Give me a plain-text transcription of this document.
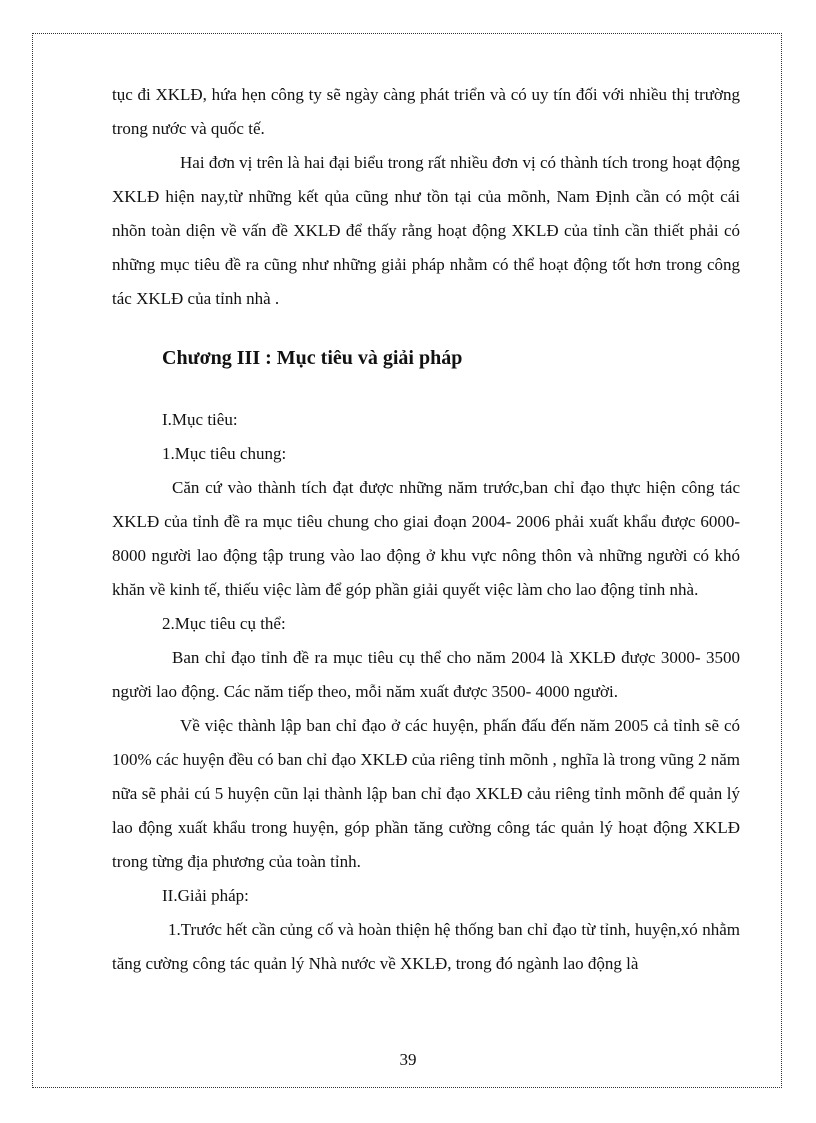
tục đi XKLĐ, hứa hẹn công ty sẽ ngày càng phát triển và có uy tín đối với nhiều thị trường trong nước và quốc tế.

Hai đơn vị trên là hai đại biểu trong rất nhiều đơn vị có thành tích trong hoạt động XKLĐ hiện nay,từ những kết qủa cũng như tồn tại của mõnh, Nam Định cần có một cái nhõn toàn diện về vấn đề XKLĐ để thấy rằng hoạt động XKLĐ của tỉnh cần thiết phải có những mục tiêu đề ra cũng như những giải pháp nhằm có thể hoạt động tốt hơn trong công tác XKLĐ của tỉnh nhà .

Chương III : Mục tiêu và giải pháp

I.Mục tiêu:

1.Mục tiêu chung:

Căn cứ vào thành tích đạt được những năm trước,ban chỉ đạo thực hiện công tác XKLĐ của tỉnh đề ra mục tiêu chung cho giai đoạn 2004- 2006 phải xuất khẩu được 6000- 8000 người lao động tập trung vào lao động ở khu vực nông thôn và những người có khó khăn về kinh tế, thiếu việc làm để góp phần giải quyết việc làm cho lao động tỉnh nhà.

2.Mục tiêu cụ thể:

Ban chỉ đạo tỉnh đề ra mục tiêu cụ thể cho năm 2004 là XKLĐ được 3000- 3500 người lao động. Các năm tiếp theo, mỗi năm xuất được 3500- 4000 người.

Về việc thành lập ban chỉ đạo ở các huyện, phấn đấu đến năm 2005 cả tỉnh sẽ có 100% các huyện đều có ban chỉ đạo XKLĐ của riêng tỉnh mõnh , nghĩa là trong vũng 2 năm nữa sẽ phải cú 5 huyện cũn lại thành lập ban chỉ đạo XKLĐ cảu riêng tỉnh mõnh để quản lý lao động xuất khẩu trong huyện, góp phần tăng cường công tác quản lý hoạt động XKLĐ trong từng địa phương của toàn tỉnh.

II.Giải pháp:

1.Trước hết cần củng cố và hoàn thiện hệ thống ban chỉ đạo từ tỉnh, huyện,xó nhằm tăng cường công tác quản lý Nhà nước về XKLĐ, trong đó ngành lao động là

39
